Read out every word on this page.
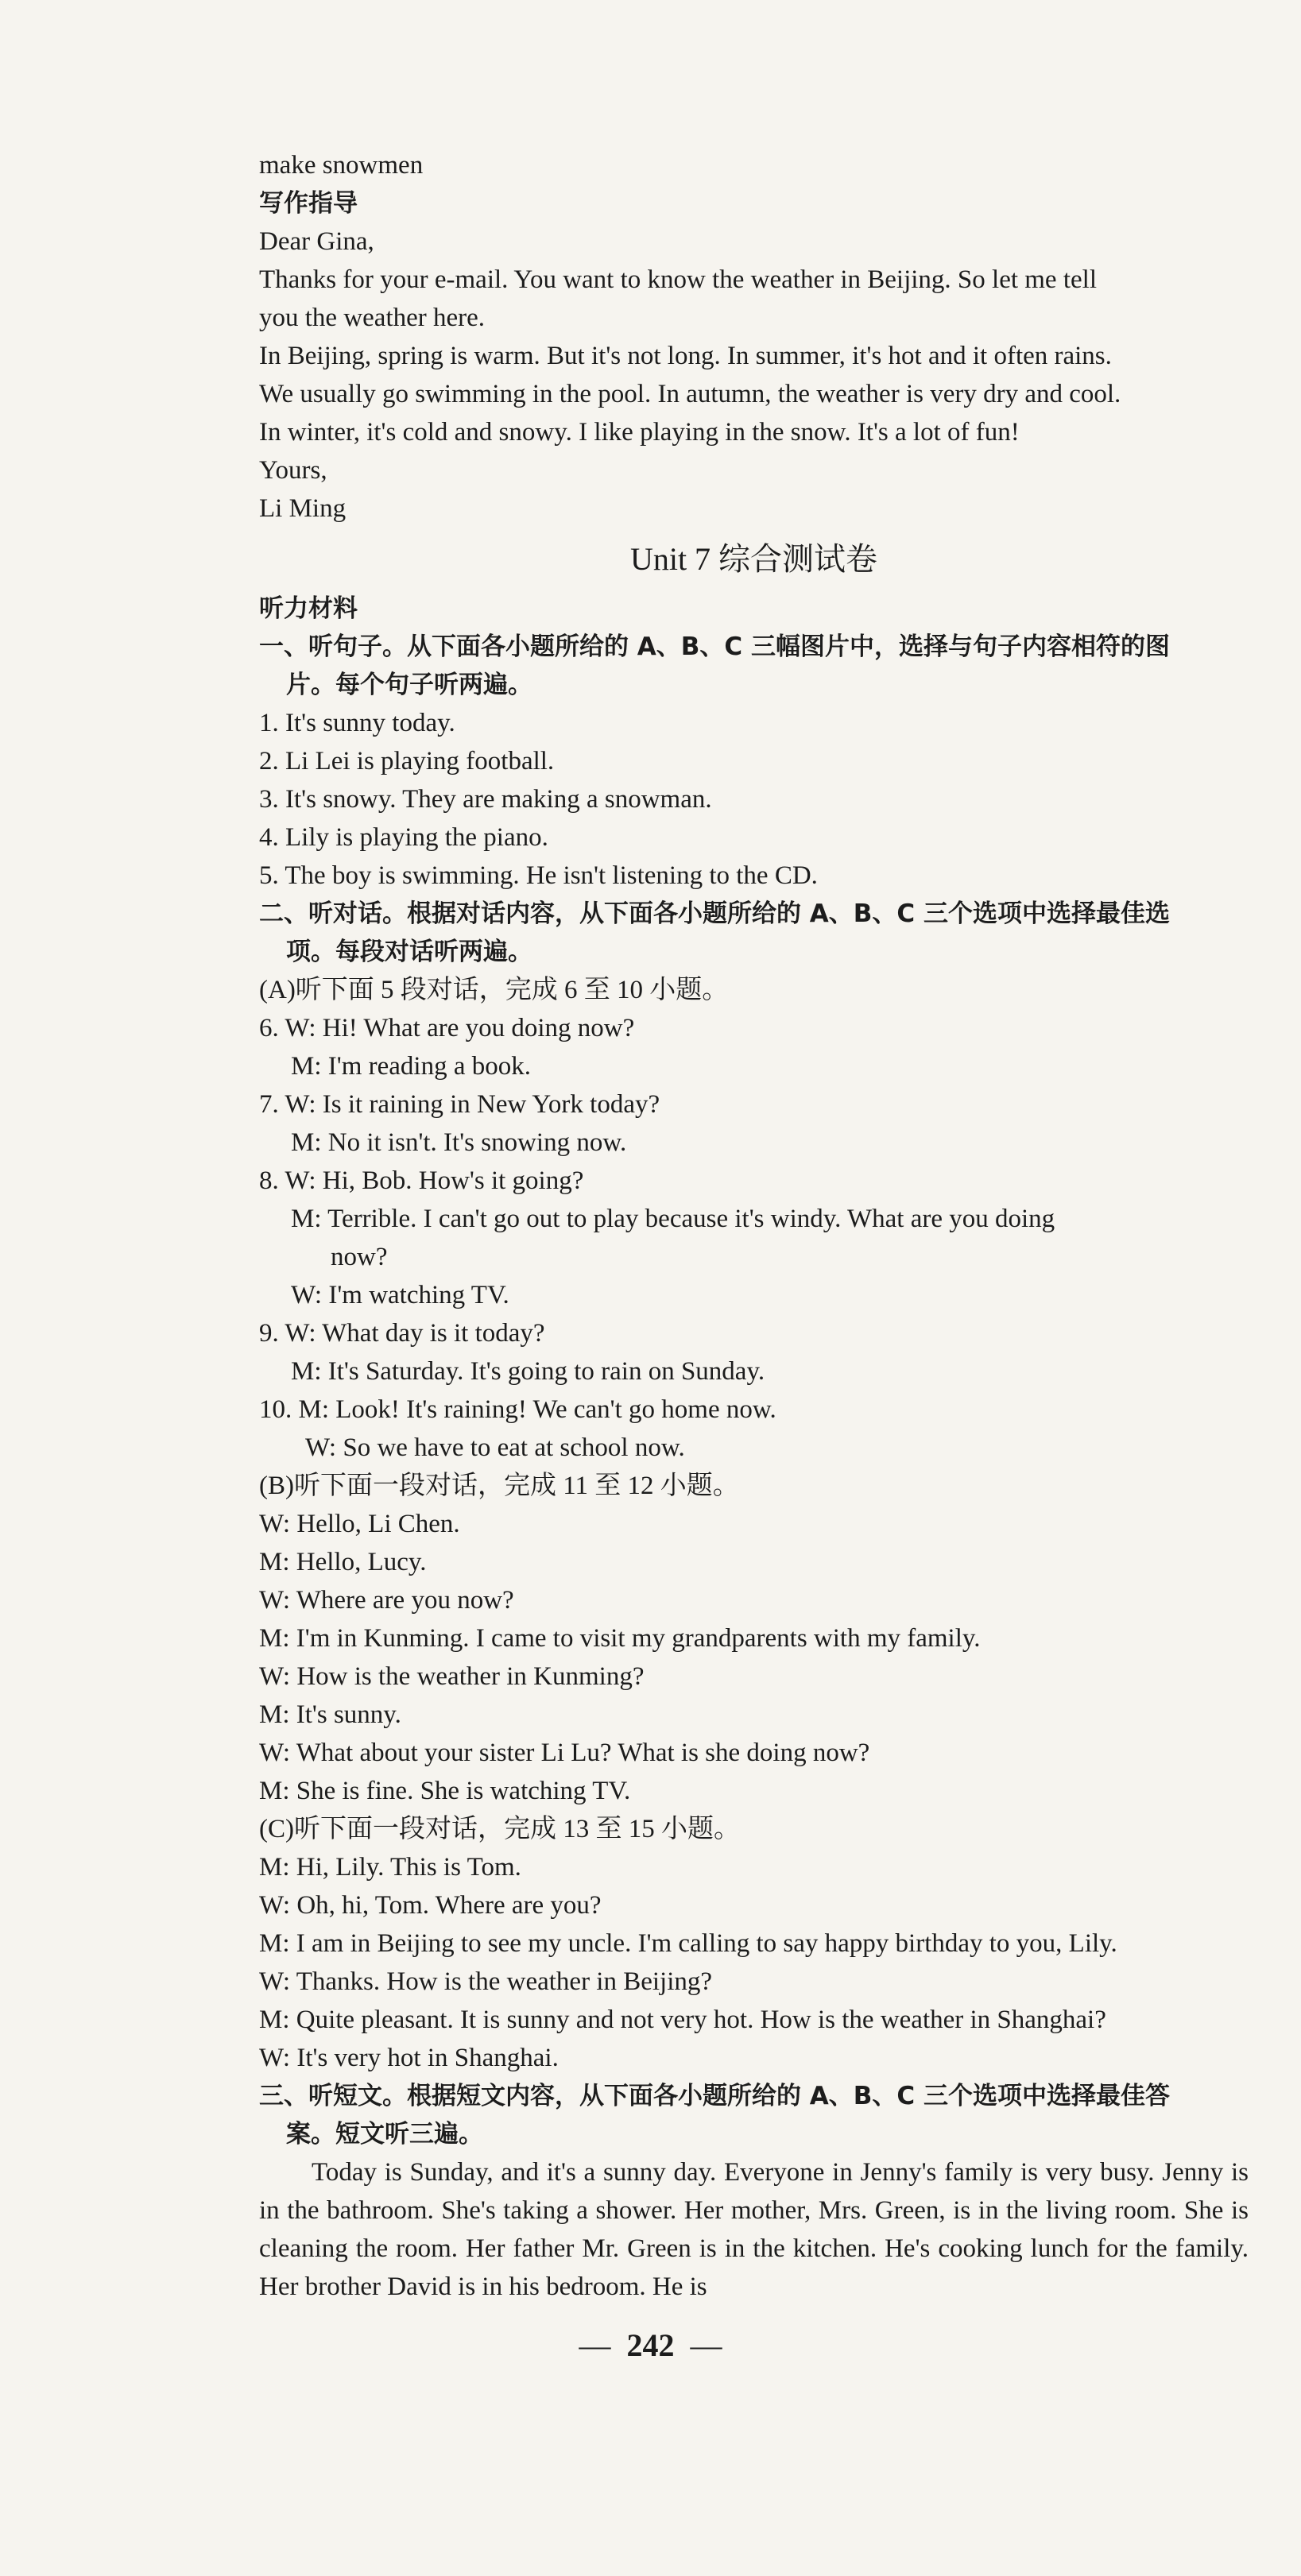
make snowmen
写作指导
Dear Gina,
Thanks for your e-mail. You want to know the weather in Beijing. So let me tell
you the weather here.
In Beijing, spring is warm. But it's not long. In summer, it's hot and it often rains.
We usually go swimming in the pool. In autumn, the weather is very dry and cool.
In winter, it's cold and snowy. I like playing in the snow. It's a lot of fun!
Yours,
Li Ming
Unit 7 综合测试卷
听力材料
一、听句子。从下面各小题所给的 A、B、C 三幅图片中，选择与句子内容相符的图
片。每个句子听两遍。
1. It's sunny today.
2. Li Lei is playing football.
3. It's snowy. They are making a snowman.
4. Lily is playing the piano.
5. The boy is swimming. He isn't listening to the CD.
二、听对话。根据对话内容，从下面各小题所给的 A、B、C 三个选项中选择最佳选
项。每段对话听两遍。
(A)听下面 5 段对话，完成 6 至 10 小题。
6. W: Hi! What are you doing now?
M: I'm reading a book.
7. W: Is it raining in New York today?
M: No it isn't. It's snowing now.
8. W: Hi, Bob. How's it going?
M: Terrible. I can't go out to play because it's windy. What are you doing
now?
W: I'm watching TV.
9. W: What day is it today?
M: It's Saturday. It's going to rain on Sunday.
10. M: Look! It's raining! We can't go home now.
W: So we have to eat at school now.
(B)听下面一段对话，完成 11 至 12 小题。
W: Hello, Li Chen.
M: Hello, Lucy.
W: Where are you now?
M: I'm in Kunming. I came to visit my grandparents with my family.
W: How is the weather in Kunming?
M: It's sunny.
W: What about your sister Li Lu? What is she doing now?
M: She is fine. She is watching TV.
(C)听下面一段对话，完成 13 至 15 小题。
M: Hi, Lily. This is Tom.
W: Oh, hi, Tom. Where are you?
M: I am in Beijing to see my uncle. I'm calling to say happy birthday to you, Lily.
W: Thanks. How is the weather in Beijing?
M: Quite pleasant. It is sunny and not very hot. How is the weather in Shanghai?
W: It's very hot in Shanghai.
三、听短文。根据短文内容，从下面各小题所给的 A、B、C 三个选项中选择最佳答
案。短文听三遍。
Today is Sunday, and it's a sunny day. Everyone in Jenny's family is very busy. Jenny is in the bathroom. She's taking a shower. Her mother, Mrs. Green, is in the living room. She is cleaning the room. Her father Mr. Green is in the kitchen. He's cooking lunch for the family. Her brother David is in his bedroom. He is
— 242 —
